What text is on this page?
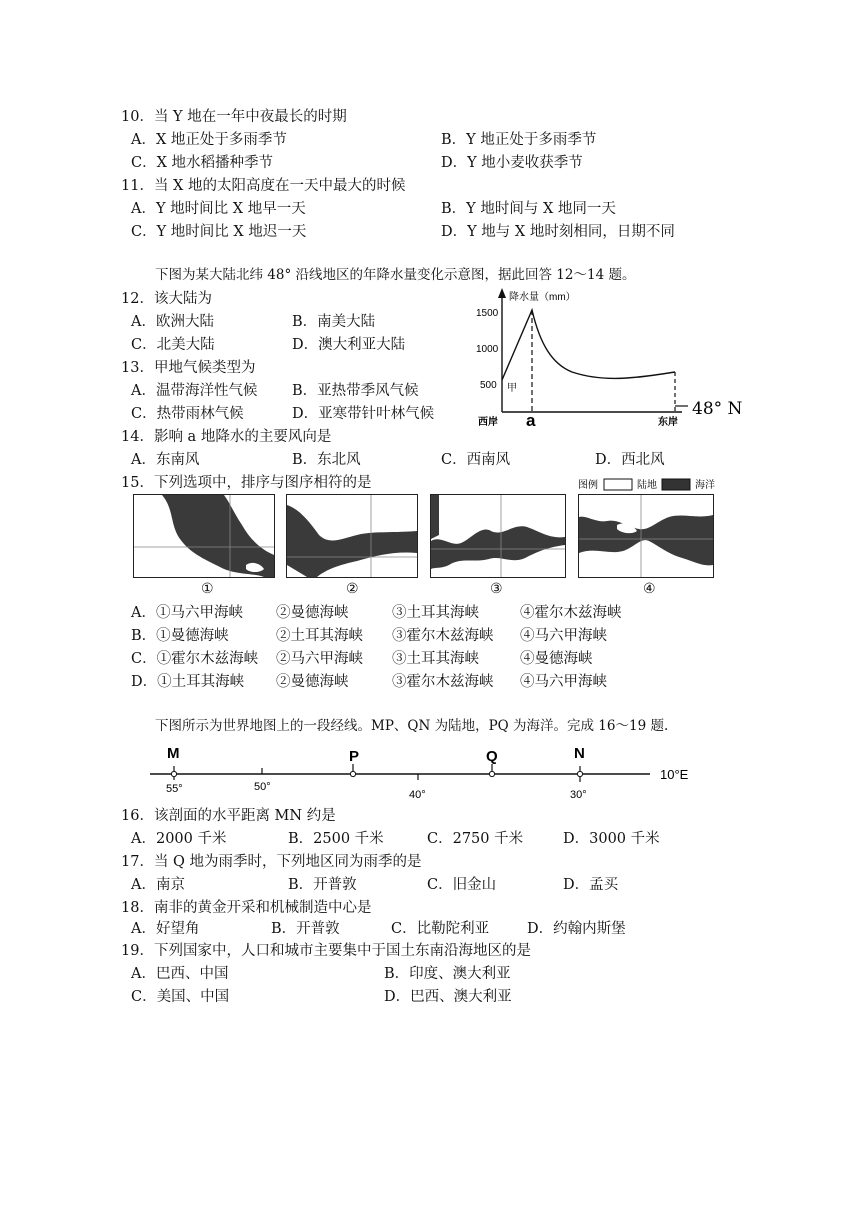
10．当 Y 地在一年中夜最长的时期
A．X 地正处于多雨季节	B．Y 地正处于多雨季节
C．X 地水稻播种季节	D．Y 地小麦收获季节
11．当 X 地的太阳高度在一天中最大的时候
A．Y 地时间比 X 地早一天	B．Y 地时间与 X 地同一天
C．Y 地时间比 X 地迟一天	D．Y 地与 X 地时刻相同，日期不同
下图为某大陆北纬 48° 沿线地区的年降水量变化示意图，据此回答 12～14 题。
12．该大陆为
A．欧洲大陆	B．南美大陆
C．北美大陆	D．澳大利亚大陆
13．甲地气候类型为
A．温带海洋性气候 B．亚热带季风气候
C．热带雨林气候	D．亚寒带针叶林气候
14．影响 a 地降水的主要风向是
A．东南风	B．东北风	C．西南风	D．西北风
降水量（mm）
1500
1000
500 甲
西岸 a	东岸
48° N
15．下列选项中，排序与图序相符的是	图例	陆地	海洋
①	②	③	④
A．①马六甲海峡 ②曼德海峡	③土耳其海峡	④霍尔木兹海峡
B．①曼德海峡	②土耳其海峡 ③霍尔木兹海峡 ④马六甲海峡
C．①霍尔木兹海峡 ②马六甲海峡 ③土耳其海峡	④曼德海峡
D．①土耳其海峡 ②曼德海峡	③霍尔木兹海峡 ④马六甲海峡
下图所示为世界地图上的一段经线。MP、QN 为陆地，PQ 为海洋。完成 16～19 题.
M
55°	50°
P
40°
Q	N
30°
10°E
16．该剖面的水平距离 MN 约是
A．2000 千米	B．2500 千米	C．2750 千米	D．3000 千米
17．当 Q 地为雨季时，下列地区同为雨季的是
A．南京	B．开普敦	C．旧金山	D．孟买
18．南非的黄金开采和机械制造中心是
A．好望角	B．开普敦	C．比勒陀利亚	D．约翰内斯堡
19．下列国家中，人口和城市主要集中于国土东南沿海地区的是
A．巴西、中国	B．印度、澳大利亚
C．美国、中国	D．巴西、澳大利亚
